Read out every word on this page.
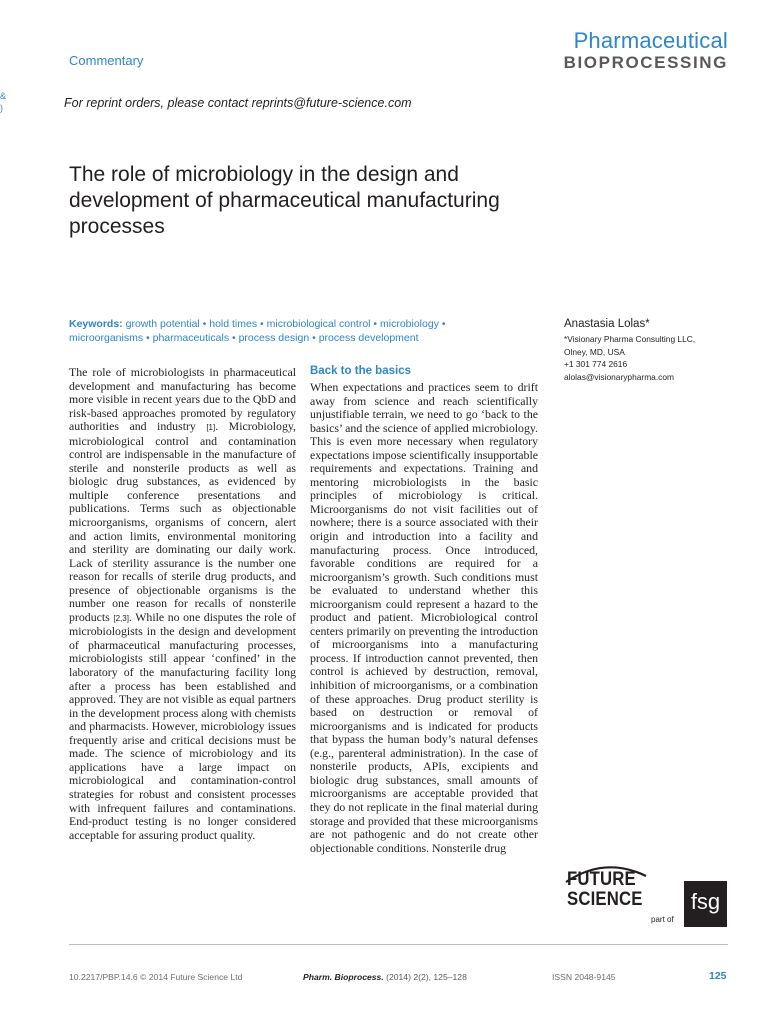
Commentary
Pharmaceutical
BIOPROCESSING
&
)	For reprint orders, please contact reprints@future-science.com
The role of microbiology in the design and development of pharmaceutical manufacturing processes
Keywords: growth potential • hold times • microbiological control • microbiology • microorganisms • pharmaceuticals • process design • process development
Anastasia Lolas*
*Visionary Pharma Consulting LLC,
Olney, MD, USA
+1 301 774 2616
alolas@visionarypharma.com
The role of microbiologists in pharmaceutical development and manufacturing has become more visible in recent years due to the QbD and risk-based approaches promoted by regulatory authorities and industry [1]. Microbiology, microbiological control and contamination control are indispensable in the manufacture of sterile and nonsterile products as well as biologic drug substances, as evidenced by multiple conference presentations and publications. Terms such as objectionable microorganisms, organisms of concern, alert and action limits, environmental monitoring and sterility are dominating our daily work. Lack of sterility assurance is the number one reason for recalls of sterile drug products, and presence of objectionable organisms is the number one reason for recalls of nonsterile products [2,3]. While no one disputes the role of microbiologists in the design and development of pharmaceutical manufacturing processes, microbiologists still appear ‘confined’ in the laboratory of the manufacturing facility long after a process has been established and approved. They are not visible as equal partners in the development process along with chemists and pharmacists. However, microbiology issues frequently arise and critical decisions must be made. The science of microbiology and its applications have a large impact on microbiological and contamination-control strategies for robust and consistent processes with infrequent failures and contaminations. End-product testing is no longer considered acceptable for assuring product quality.
Back to the basics
When expectations and practices seem to drift away from science and reach scientifically unjustifiable terrain, we need to go ‘back to the basics’ and the science of applied microbiology. This is even more necessary when regulatory expectations impose scientifically insupportable requirements and expectations. Training and mentoring microbiologists in the basic principles of microbiology is critical. Microorganisms do not visit facilities out of nowhere; there is a source associated with their origin and introduction into a facility and manufacturing process. Once introduced, favorable conditions are required for a microorganism’s growth. Such conditions must be evaluated to understand whether this microorganism could represent a hazard to the product and patient. Microbiological control centers primarily on preventing the introduction of microorganisms into a manufacturing process. If introduction cannot prevented, then control is achieved by destruction, removal, inhibition of microorganisms, or a combination of these approaches. Drug product sterility is based on destruction or removal of microorganisms and is indicated for products that bypass the human body’s natural defenses (e.g., parenteral administration). In the case of nonsterile products, APIs, excipients and biologic drug substances, small amounts of microorganisms are acceptable provided that they do not replicate in the final material during storage and provided that these microorganisms are not pathogenic and do not create other objectionable conditions. Nonsterile drug
FUTURE
SCIENCE
part of
fsg
10.2217/PBP.14.6 © 2014 Future Science Ltd	Pharm. Bioprocess. (2014) 2(2), 125–128	ISSN 2048-9145	125
